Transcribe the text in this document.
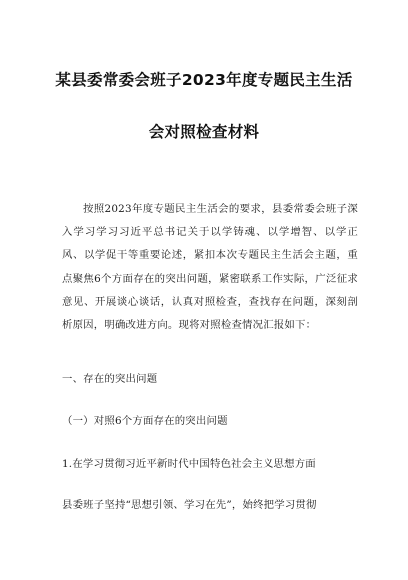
某县委常委会班子2023年度专题民主生活
会对照检查材料

按照2023年度专题民主生活会的要求，县委常委会班子深入学习学习习近平总书记关于以学铸魂、以学增智、以学正风、以学促干等重要论述，紧扣本次专题民主生活会主题，重点聚焦6个方面存在的突出问题，紧密联系工作实际，广泛征求意见、开展谈心谈话，认真对照检查，查找存在问题，深刻剖析原因，明确改进方向。现将对照检查情况汇报如下：

一、存在的突出问题

（一）对照6个方面存在的突出问题

1.在学习贯彻习近平新时代中国特色社会主义思想方面

县委班子坚持“思想引领、学习在先”，始终把学习贯彻
